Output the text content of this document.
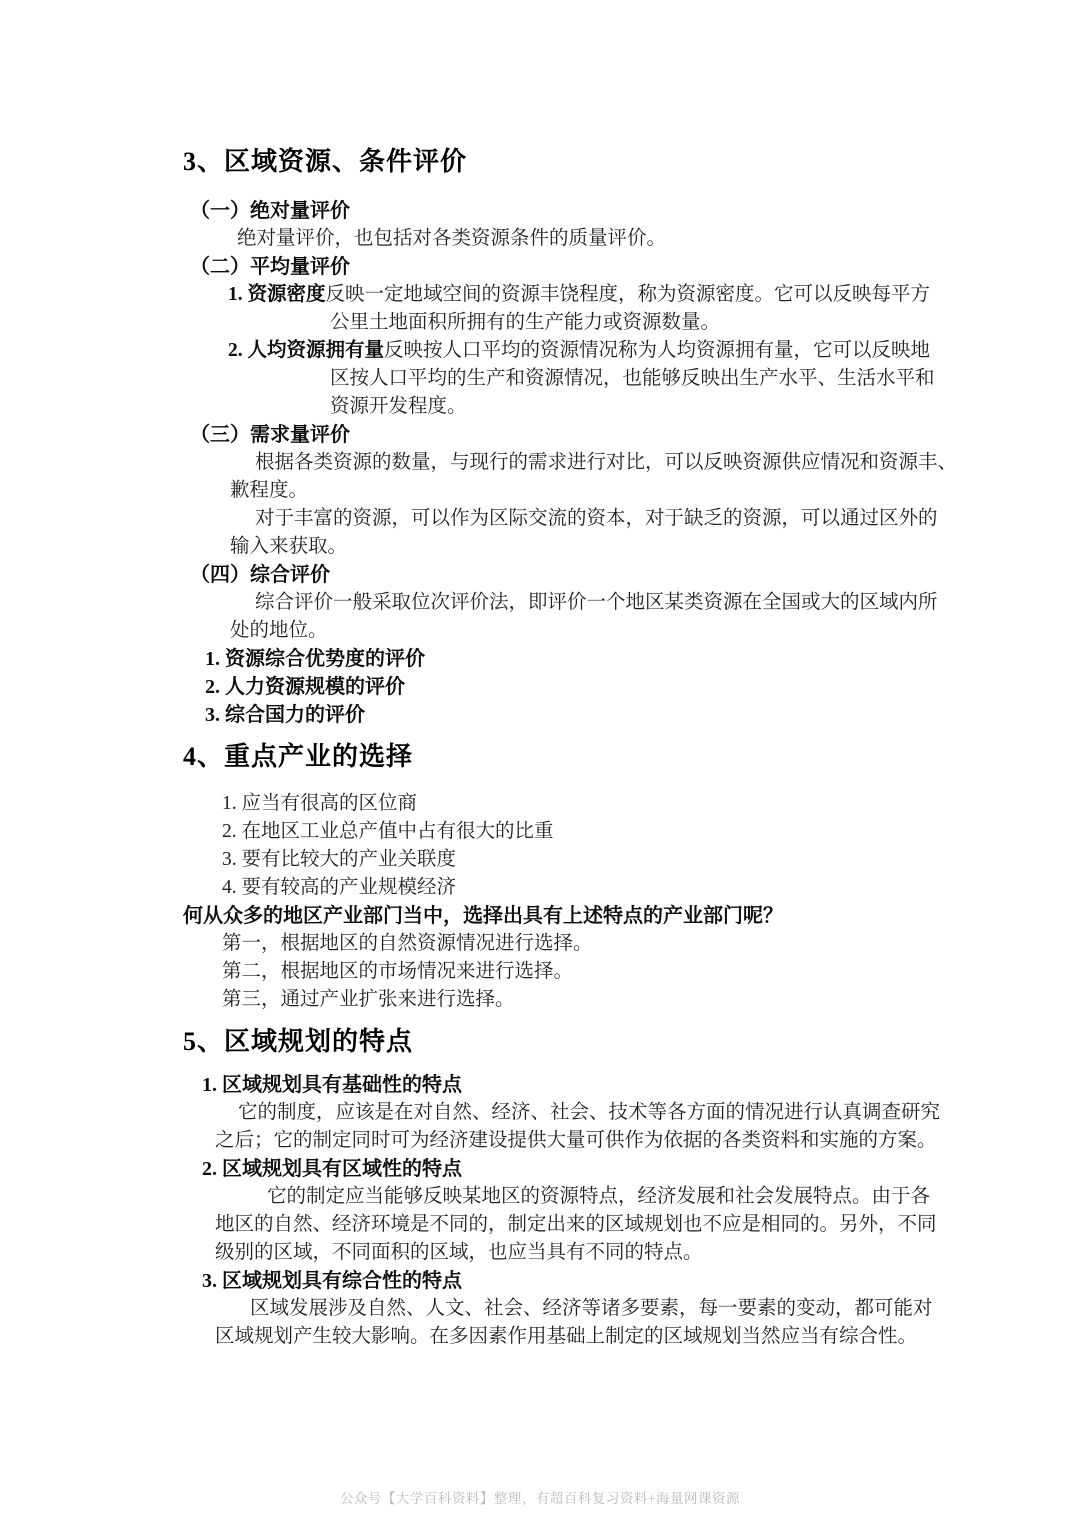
3、区域资源、条件评价
（一）绝对量评价
绝对量评价，也包括对各类资源条件的质量评价。
（二）平均量评价
1. 资源密度反映一定地域空间的资源丰饶程度，称为资源密度。它可以反映每平方
公里土地面积所拥有的生产能力或资源数量。
2. 人均资源拥有量反映按人口平均的资源情况称为人均资源拥有量，它可以反映地
区按人口平均的生产和资源情况，也能够反映出生产水平、生活水平和
资源开发程度。
（三）需求量评价
根据各类资源的数量，与现行的需求进行对比，可以反映资源供应情况和资源丰、
歉程度。
对于丰富的资源，可以作为区际交流的资本，对于缺乏的资源，可以通过区外的
输入来获取。
（四）综合评价
综合评价一般采取位次评价法，即评价一个地区某类资源在全国或大的区域内所
处的地位。
1. 资源综合优势度的评价
2. 人力资源规模的评价
3. 综合国力的评价
4、重点产业的选择
1. 应当有很高的区位商
2. 在地区工业总产值中占有很大的比重
3. 要有比较大的产业关联度
4. 要有较高的产业规模经济
何从众多的地区产业部门当中，选择出具有上述特点的产业部门呢？
第一，根据地区的自然资源情况进行选择。
第二，根据地区的市场情况来进行选择。
第三，通过产业扩张来进行选择。
5、区域规划的特点
1. 区域规划具有基础性的特点
它的制度，应该是在对自然、经济、社会、技术等各方面的情况进行认真调查研究
之后；它的制定同时可为经济建设提供大量可供作为依据的各类资料和实施的方案。
2. 区域规划具有区域性的特点
它的制定应当能够反映某地区的资源特点，经济发展和社会发展特点。由于各
地区的自然、经济环境是不同的，制定出来的区域规划也不应是相同的。另外，不同
级别的区域，不同面积的区域，也应当具有不同的特点。
3. 区域规划具有综合性的特点
区域发展涉及自然、人文、社会、经济等诸多要素，每一要素的变动，都可能对
区域规划产生较大影响。在多因素作用基础上制定的区域规划当然应当有综合性。
公众号【大学百科资料】整理，有超百科复习资料+海量网课资源
